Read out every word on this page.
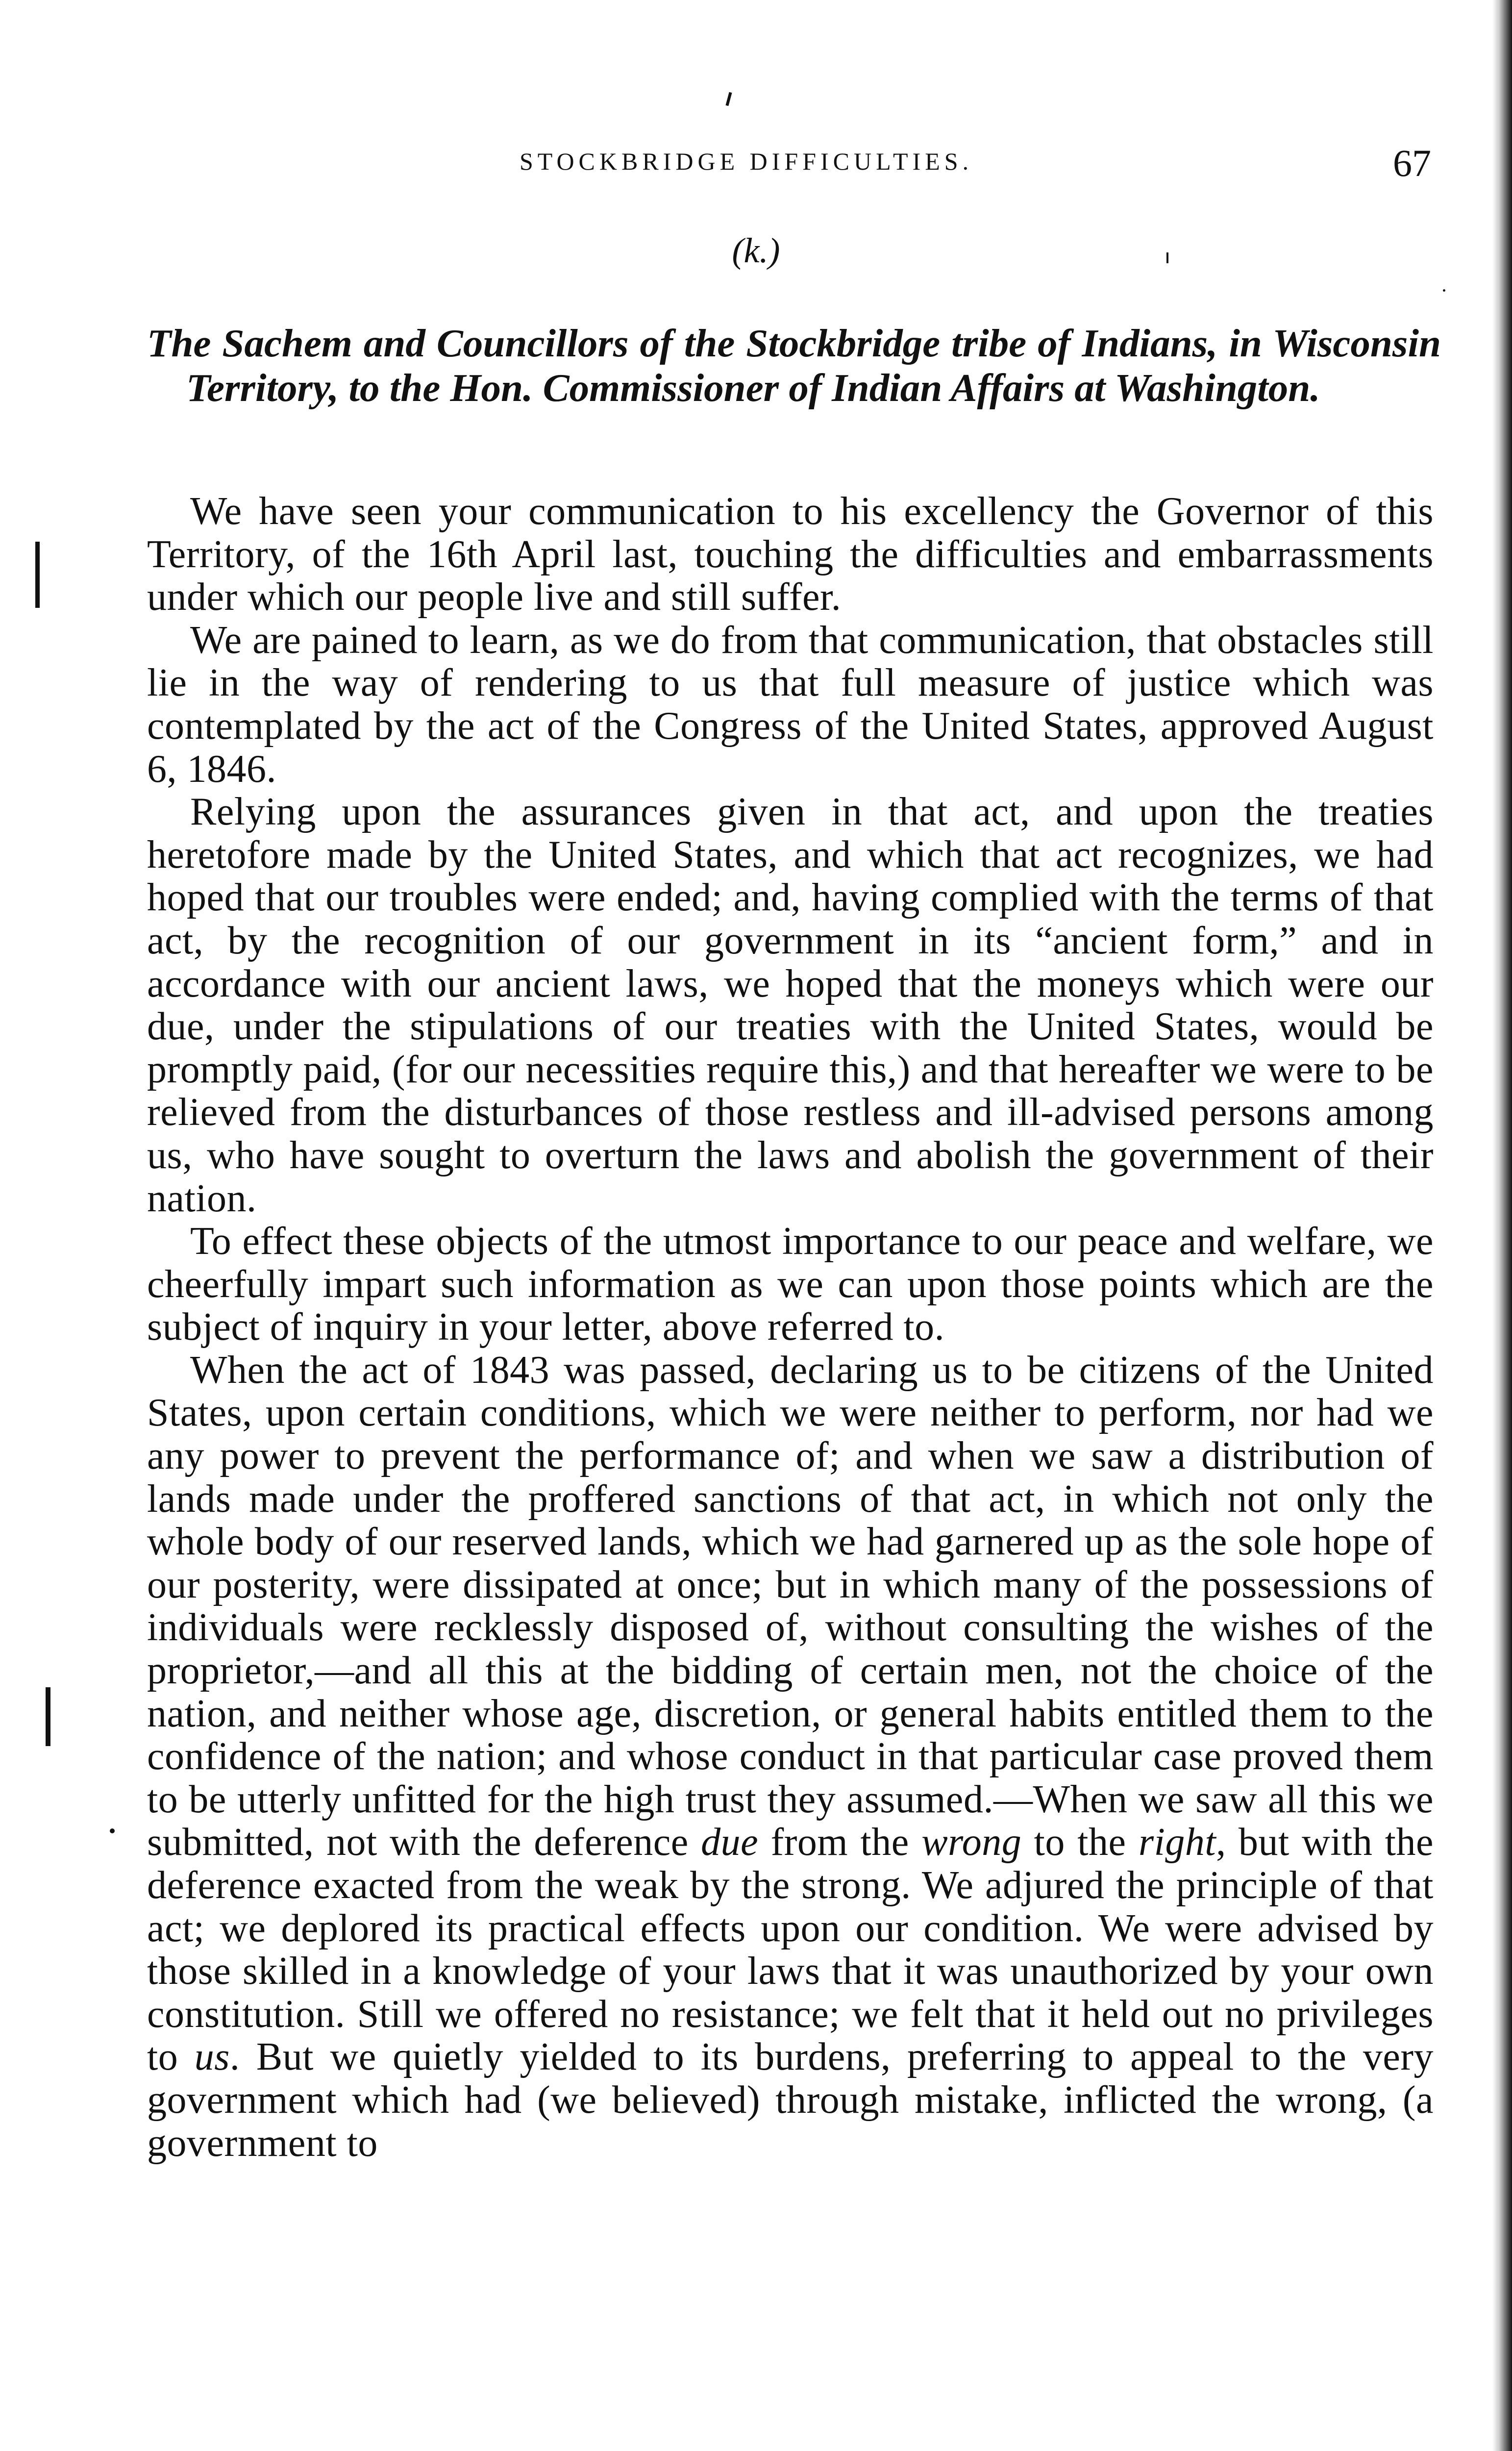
STOCKBRIDGE DIFFICULTIES.	67
(k.)
The Sachem and Councillors of the Stockbridge tribe of Indians, in Wisconsin Territory, to the Hon. Commissioner of Indian Affairs at Washington.

We have seen your communication to his excellency the Governor of this Territory, of the 16th April last, touching the difficulties and embarrassments under which our people live and still suffer.

We are pained to learn, as we do from that communication, that obstacles still lie in the way of rendering to us that full measure of justice which was contemplated by the act of the Congress of the United States, approved August 6, 1846.

Relying upon the assurances given in that act, and upon the treaties heretofore made by the United States, and which that act recognizes, we had hoped that our troubles were ended; and, having complied with the terms of that act, by the recognition of our government in its “ancient form,” and in accordance with our ancient laws, we hoped that the moneys which were our due, under the stipulations of our treaties with the United States, would be promptly paid, (for our necessities require this,) and that hereafter we were to be relieved from the disturbances of those restless and ill-advised persons among us, who have sought to overturn the laws and abolish the government of their nation.

To effect these objects of the utmost importance to our peace and welfare, we cheerfully impart such information as we can upon those points which are the subject of inquiry in your letter, above referred to.

When the act of 1843 was passed, declaring us to be citizens of the United States, upon certain conditions, which we were neither to perform, nor had we any power to prevent the performance of; and when we saw a distribution of lands made under the proffered sanctions of that act, in which not only the whole body of our reserved lands, which we had garnered up as the sole hope of our posterity, were dissipated at once; but in which many of the possessions of individuals were recklessly disposed of, without consulting the wishes of the proprietor,—and all this at the bidding of certain men, not the choice of the nation, and neither whose age, discretion, or general habits entitled them to the confidence of the nation; and whose conduct in that particular case proved them to be utterly unfitted for the high trust they assumed.—When we saw all this we submitted, not with the deference due from the wrong to the right, but with the deference exacted from the weak by the strong. We adjured the principle of that act; we deplored its practical effects upon our condition. We were advised by those skilled in a knowledge of your laws that it was unauthorized by your own constitution. Still we offered no resistance; we felt that it held out no privileges to us. But we quietly yielded to its burdens, preferring to appeal to the very government which had (we believed) through mistake, inflicted the wrong, (a government to
